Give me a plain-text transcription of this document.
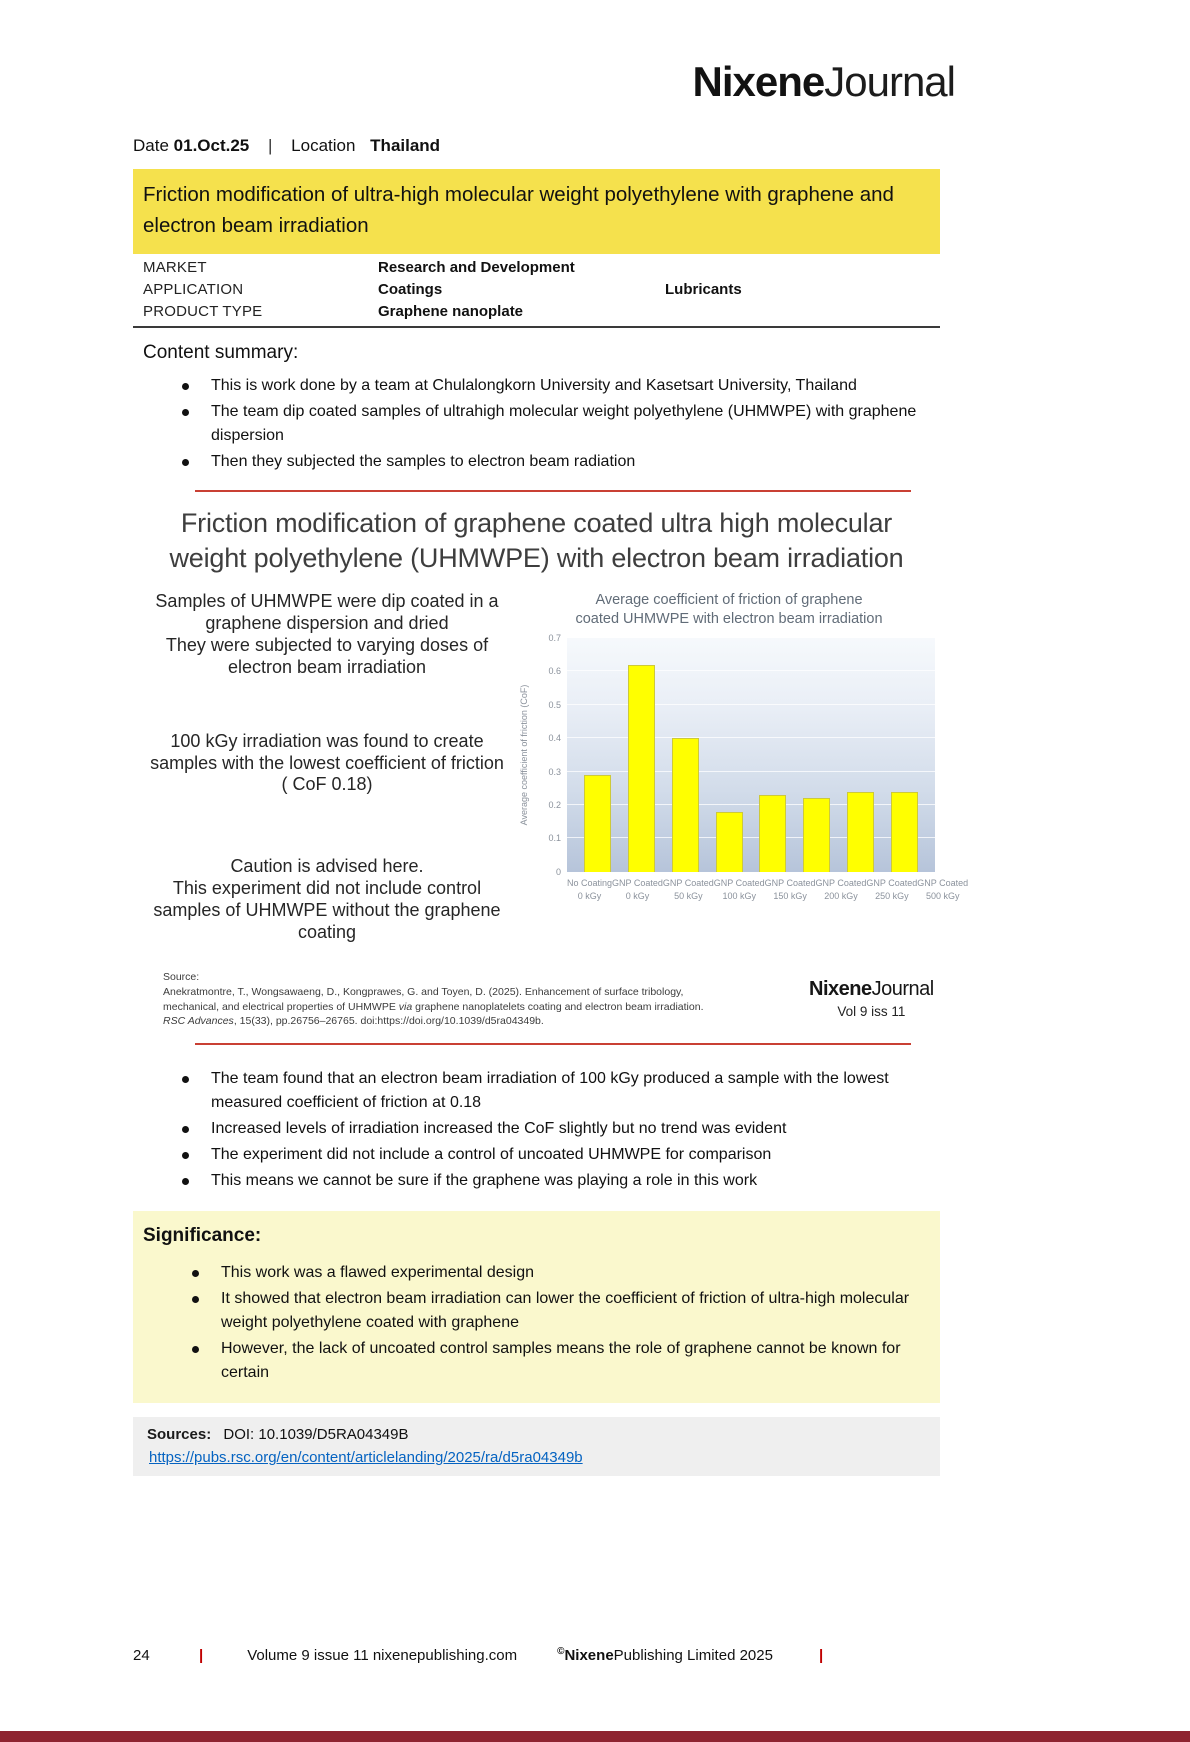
NixeneJournal
Date 01.Oct.25 | Location Thailand
Friction modification of ultra-high molecular weight polyethylene with graphene and electron beam irradiation
MARKET	Research and Development
APPLICATION	Coatings	Lubricants
PRODUCT TYPE	Graphene nanoplate
Content summary:
This is work done by a team at Chulalongkorn University and Kasetsart University, Thailand
The team dip coated samples of ultrahigh molecular weight polyethylene (UHMWPE) with graphene dispersion
Then they subjected the samples to electron beam radiation
Friction modification of graphene coated ultra high molecular
weight polyethylene (UHMWPE) with electron beam irradiation

Samples of UHMWPE were dip coated in a graphene dispersion and dried

They were subjected to varying doses of electron beam irradiation

100 kGy irradiation was found to create samples with the lowest coefficient of friction ( CoF 0.18)

Caution is advised here.

This experiment did not include control samples of UHMWPE without the graphene coating

Average coefficient of friction of graphene
coated UHMWPE with electron beam irradiation
Average coefficient of friction (CoF)
0
0.1
0.2
0.3
0.4
0.5
0.6
0.7
No Coating
0 kGy
GNP Coated
0 kGy
GNP Coated
50 kGy
GNP Coated
100 kGy
GNP Coated
150 kGy
GNP Coated
200 kGy
GNP Coated
250 kGy
GNP Coated
500 kGy
Source:
Anekratmontre, T., Wongsawaeng, D., Kongprawes, G. and Toyen, D. (2025). Enhancement of surface tribology, mechanical, and electrical properties of UHMWPE via graphene nanoplatelets coating and electron beam irradiation. RSC Advances, 15(33), pp.26756–26765. doi:https://doi.org/10.1039/d5ra04349b.
NixeneJournal
Vol 9 iss 11
The team found that an electron beam irradiation of 100 kGy produced a sample with the lowest measured coefficient of friction at 0.18
Increased levels of irradiation increased the CoF slightly but no trend was evident
The experiment did not include a control of uncoated UHMWPE for comparison
This means we cannot be sure if the graphene was playing a role in this work
Significance:
This work was a flawed experimental design
It showed that electron beam irradiation can lower the coefficient of friction of ultra-high molecular weight polyethylene coated with graphene
However, the lack of uncoated control samples means the role of graphene cannot be known for certain
Sources: DOI: 10.1039/D5RA04349B
https://pubs.rsc.org/en/content/articlelanding/2025/ra/d5ra04349b
24	|	Volume 9 issue 11 nixenepublishing.com	©NixenePublishing Limited 2025	|
